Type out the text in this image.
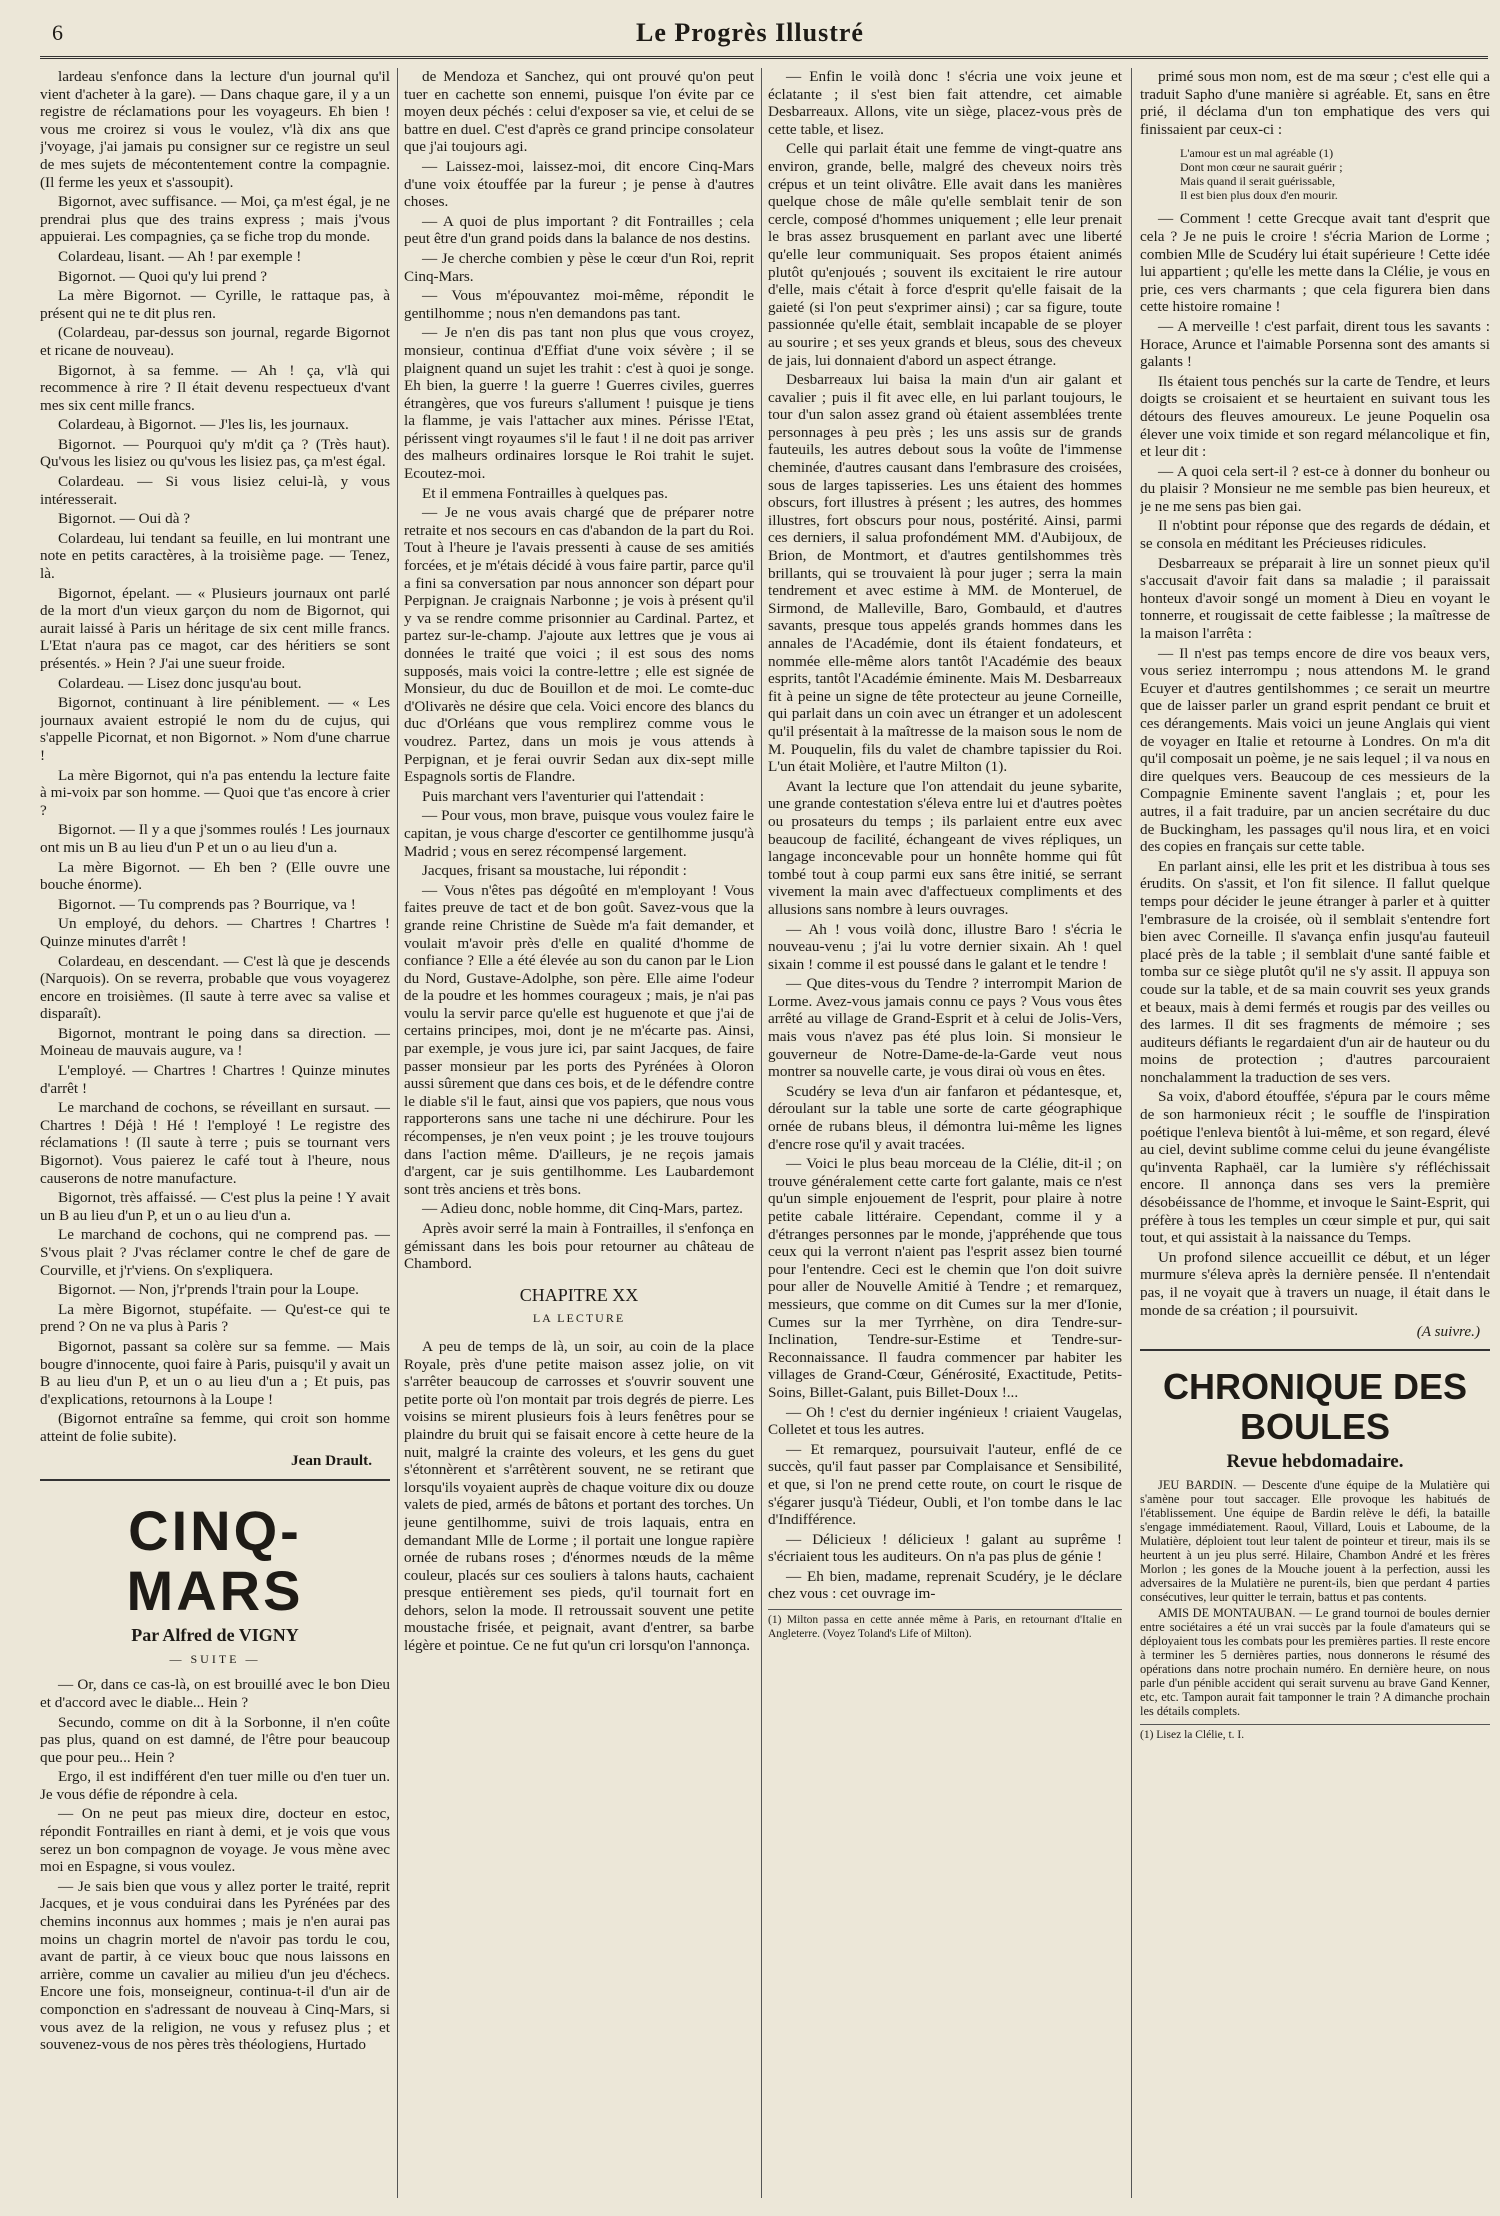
6	Le Progrès Illustré

lardeau s'enfonce dans la lecture d'un journal qu'il vient d'acheter à la gare). — Dans chaque gare, il y a un registre de réclamations pour les voyageurs. Eh bien ! vous me croirez si vous le voulez, v'là dix ans que j'voyage, j'ai jamais pu consigner sur ce registre un seul de mes sujets de mécontentement contre la compagnie. (Il ferme les yeux et s'assoupit).

Bigornot, avec suffisance. — Moi, ça m'est égal, je ne prendrai plus que des trains express ; mais j'vous appuierai. Les compagnies, ça se fiche trop du monde.

Colardeau, lisant. — Ah ! par exemple !

Bigornot. — Quoi qu'y lui prend ?

La mère Bigornot. — Cyrille, le rattaque pas, à présent qui ne te dit plus ren.

(Colardeau, par-dessus son journal, regarde Bigornot et ricane de nouveau).

Bigornot, à sa femme. — Ah ! ça, v'là qui recommence à rire ? Il était devenu respectueux d'vant mes six cent mille francs.

Colardeau, à Bigornot. — J'les lis, les journaux.

Bigornot. — Pourquoi qu'y m'dit ça ? (Très haut). Qu'vous les lisiez ou qu'vous les lisiez pas, ça m'est égal.

Colardeau. — Si vous lisiez celui-là, y vous intéresserait.

Bigornot. — Oui dà ?

Colardeau, lui tendant sa feuille, en lui montrant une note en petits caractères, à la troisième page. — Tenez, là.

Bigornot, épelant. — « Plusieurs journaux ont parlé de la mort d'un vieux garçon du nom de Bigornot, qui aurait laissé à Paris un héritage de six cent mille francs. L'Etat n'aura pas ce magot, car des héritiers se sont présentés. » Hein ? J'ai une sueur froide.

Colardeau. — Lisez donc jusqu'au bout.

Bigornot, continuant à lire péniblement. — « Les journaux avaient estropié le nom du de cujus, qui s'appelle Picornat, et non Bigornot. » Nom d'une charrue !

La mère Bigornot, qui n'a pas entendu la lecture faite à mi-voix par son homme. — Quoi que t'as encore à crier ?

Bigornot. — Il y a que j'sommes roulés ! Les journaux ont mis un B au lieu d'un P et un o au lieu d'un a.

La mère Bigornot. — Eh ben ? (Elle ouvre une bouche énorme).

Bigornot. — Tu comprends pas ? Bourrique, va !

Un employé, du dehors. — Chartres ! Chartres ! Quinze minutes d'arrêt !

Colardeau, en descendant. — C'est là que je descends (Narquois). On se reverra, probable que vous voyagerez encore en troisièmes. (Il saute à terre avec sa valise et disparaît).

Bigornot, montrant le poing dans sa direction. — Moineau de mauvais augure, va !

L'employé. — Chartres ! Chartres ! Quinze minutes d'arrêt !

Le marchand de cochons, se réveillant en sursaut. — Chartres ! Déjà ! Hé ! l'employé ! Le registre des réclamations ! (Il saute à terre ; puis se tournant vers Bigornot). Vous paierez le café tout à l'heure, nous causerons de notre manufacture.

Bigornot, très affaissé. — C'est plus la peine ! Y avait un B au lieu d'un P, et un o au lieu d'un a.

Le marchand de cochons, qui ne comprend pas. — S'vous plait ? J'vas réclamer contre le chef de gare de Courville, et j'r'viens. On s'expliquera.

Bigornot. — Non, j'r'prends l'train pour la Loupe.

La mère Bigornot, stupéfaite. — Qu'est-ce qui te prend ? On ne va plus à Paris ?

Bigornot, passant sa colère sur sa femme. — Mais bougre d'innocente, quoi faire à Paris, puisqu'il y avait un B au lieu d'un P, et un o au lieu d'un a ; Et puis, pas d'explications, retournons à la Loupe !

(Bigornot entraîne sa femme, qui croit son homme atteint de folie subite).

Jean Drault.

CINQ-MARS
Par Alfred de VIGNY
— SUITE —

— Or, dans ce cas-là, on est brouillé avec le bon Dieu et d'accord avec le diable... Hein ?

Secundo, comme on dit à la Sorbonne, il n'en coûte pas plus, quand on est damné, de l'être pour beaucoup que pour peu... Hein ?

Ergo, il est indifférent d'en tuer mille ou d'en tuer un. Je vous défie de répondre à cela.

— On ne peut pas mieux dire, docteur en estoc, répondit Fontrailles en riant à demi, et je vois que vous serez un bon compagnon de voyage. Je vous mène avec moi en Espagne, si vous voulez.

— Je sais bien que vous y allez porter le traité, reprit Jacques, et je vous conduirai dans les Pyrénées par des chemins inconnus aux hommes ; mais je n'en aurai pas moins un chagrin mortel de n'avoir pas tordu le cou, avant de partir, à ce vieux bouc que nous laissons en arrière, comme un cavalier au milieu d'un jeu d'échecs. Encore une fois, monseigneur, continua-t-il d'un air de componction en s'adressant de nouveau à Cinq-Mars, si vous avez de la religion, ne vous y refusez plus ; et souvenez-vous de nos pères très théologiens, Hurtado

de Mendoza et Sanchez, qui ont prouvé qu'on peut tuer en cachette son ennemi, puisque l'on évite par ce moyen deux péchés : celui d'exposer sa vie, et celui de se battre en duel. C'est d'après ce grand principe consolateur que j'ai toujours agi.

— Laissez-moi, laissez-moi, dit encore Cinq-Mars d'une voix étouffée par la fureur ; je pense à d'autres choses.

— A quoi de plus important ? dit Fontrailles ; cela peut être d'un grand poids dans la balance de nos destins.

— Je cherche combien y pèse le cœur d'un Roi, reprit Cinq-Mars.

— Vous m'épouvantez moi-même, répondit le gentilhomme ; nous n'en demandons pas tant.

— Je n'en dis pas tant non plus que vous croyez, monsieur, continua d'Effiat d'une voix sévère ; il se plaignent quand un sujet les trahit : c'est à quoi je songe. Eh bien, la guerre ! la guerre ! Guerres civiles, guerres étrangères, que vos fureurs s'allument ! puisque je tiens la flamme, je vais l'attacher aux mines. Périsse l'Etat, périssent vingt royaumes s'il le faut ! il ne doit pas arriver des malheurs ordinaires lorsque le Roi trahit le sujet. Ecoutez-moi.

Et il emmena Fontrailles à quelques pas.

— Je ne vous avais chargé que de préparer notre retraite et nos secours en cas d'abandon de la part du Roi. Tout à l'heure je l'avais pressenti à cause de ses amitiés forcées, et je m'étais décidé à vous faire partir, parce qu'il a fini sa conversation par nous annoncer son départ pour Perpignan. Je craignais Narbonne ; je vois à présent qu'il y va se rendre comme prisonnier au Cardinal. Partez, et partez sur-le-champ. J'ajoute aux lettres que je vous ai données le traité que voici ; il est sous des noms supposés, mais voici la contre-lettre ; elle est signée de Monsieur, du duc de Bouillon et de moi. Le comte-duc d'Olivarès ne désire que cela. Voici encore des blancs du duc d'Orléans que vous remplirez comme vous le voudrez. Partez, dans un mois je vous attends à Perpignan, et je ferai ouvrir Sedan aux dix-sept mille Espagnols sortis de Flandre.

Puis marchant vers l'aventurier qui l'attendait :

— Pour vous, mon brave, puisque vous voulez faire le capitan, je vous charge d'escorter ce gentilhomme jusqu'à Madrid ; vous en serez récompensé largement.

Jacques, frisant sa moustache, lui répondit :

— Vous n'êtes pas dégoûté en m'employant ! Vous faites preuve de tact et de bon goût. Savez-vous que la grande reine Christine de Suède m'a fait demander, et voulait m'avoir près d'elle en qualité d'homme de confiance ? Elle a été élevée au son du canon par le Lion du Nord, Gustave-Adolphe, son père. Elle aime l'odeur de la poudre et les hommes courageux ; mais, je n'ai pas voulu la servir parce qu'elle est huguenote et que j'ai de certains principes, moi, dont je ne m'écarte pas. Ainsi, par exemple, je vous jure ici, par saint Jacques, de faire passer monsieur par les ports des Pyrénées à Oloron aussi sûrement que dans ces bois, et de le défendre contre le diable s'il le faut, ainsi que vos papiers, que nous vous rapporterons sans une tache ni une déchirure. Pour les récompenses, je n'en veux point ; je les trouve toujours dans l'action même. D'ailleurs, je ne reçois jamais d'argent, car je suis gentilhomme. Les Laubardemont sont très anciens et très bons.

— Adieu donc, noble homme, dit Cinq-Mars, partez.

Après avoir serré la main à Fontrailles, il s'enfonça en gémissant dans les bois pour retourner au château de Chambord.

CHAPITRE XX
LA LECTURE

A peu de temps de là, un soir, au coin de la place Royale, près d'une petite maison assez jolie, on vit s'arrêter beaucoup de carrosses et s'ouvrir souvent une petite porte où l'on montait par trois degrés de pierre. Les voisins se mirent plusieurs fois à leurs fenêtres pour se plaindre du bruit qui se faisait encore à cette heure de la nuit, malgré la crainte des voleurs, et les gens du guet s'étonnèrent et s'arrêtèrent souvent, ne se retirant que lorsqu'ils voyaient auprès de chaque voiture dix ou douze valets de pied, armés de bâtons et portant des torches. Un jeune gentilhomme, suivi de trois laquais, entra en demandant Mlle de Lorme ; il portait une longue rapière ornée de rubans roses ; d'énormes nœuds de la même couleur, placés sur ces souliers à talons hauts, cachaient presque entièrement ses pieds, qu'il tournait fort en dehors, selon la mode. Il retroussait souvent une petite moustache frisée, et peignait, avant d'entrer, sa barbe légère et pointue. Ce ne fut qu'un cri lorsqu'on l'annonça.

— Enfin le voilà donc ! s'écria une voix jeune et éclatante ; il s'est bien fait attendre, cet aimable Desbarreaux. Allons, vite un siège, placez-vous près de cette table, et lisez.

Celle qui parlait était une femme de vingt-quatre ans environ, grande, belle, malgré des cheveux noirs très crépus et un teint olivâtre. Elle avait dans les manières quelque chose de mâle qu'elle semblait tenir de son cercle, composé d'hommes uniquement ; elle leur prenait le bras assez brusquement en parlant avec une liberté qu'elle leur communiquait. Ses propos étaient animés plutôt qu'enjoués ; souvent ils excitaient le rire autour d'elle, mais c'était à force d'esprit qu'elle faisait de la gaieté (si l'on peut s'exprimer ainsi) ; car sa figure, toute passionnée qu'elle était, semblait incapable de se ployer au sourire ; et ses yeux grands et bleus, sous des cheveux de jais, lui donnaient d'abord un aspect étrange.

Desbarreaux lui baisa la main d'un air galant et cavalier ; puis il fit avec elle, en lui parlant toujours, le tour d'un salon assez grand où étaient assemblées trente personnages à peu près ; les uns assis sur de grands fauteuils, les autres debout sous la voûte de l'immense cheminée, d'autres causant dans l'embrasure des croisées, sous de larges tapisseries. Les uns étaient des hommes obscurs, fort illustres à présent ; les autres, des hommes illustres, fort obscurs pour nous, postérité. Ainsi, parmi ces derniers, il salua profondément MM. d'Aubijoux, de Brion, de Montmort, et d'autres gentilshommes très brillants, qui se trouvaient là pour juger ; serra la main tendrement et avec estime à MM. de Monteruel, de Sirmond, de Malleville, Baro, Gombauld, et d'autres savants, presque tous appelés grands hommes dans les annales de l'Académie, dont ils étaient fondateurs, et nommée elle-même alors tantôt l'Académie des beaux esprits, tantôt l'Académie éminente. Mais M. Desbarreaux fit à peine un signe de tête protecteur au jeune Corneille, qui parlait dans un coin avec un étranger et un adolescent qu'il présentait à la maîtresse de la maison sous le nom de M. Pouquelin, fils du valet de chambre tapissier du Roi. L'un était Molière, et l'autre Milton (1).

Avant la lecture que l'on attendait du jeune sybarite, une grande contestation s'éleva entre lui et d'autres poètes ou prosateurs du temps ; ils parlaient entre eux avec beaucoup de facilité, échangeant de vives répliques, un langage inconcevable pour un honnête homme qui fût tombé tout à coup parmi eux sans être initié, se serrant vivement la main avec d'affectueux compliments et des allusions sans nombre à leurs ouvrages.

— Ah ! vous voilà donc, illustre Baro ! s'écria le nouveau-venu ; j'ai lu votre dernier sixain. Ah ! quel sixain ! comme il est poussé dans le galant et le tendre !

— Que dites-vous du Tendre ? interrompit Marion de Lorme. Avez-vous jamais connu ce pays ? Vous vous êtes arrêté au village de Grand-Esprit et à celui de Jolis-Vers, mais vous n'avez pas été plus loin. Si monsieur le gouverneur de Notre-Dame-de-la-Garde veut nous montrer sa nouvelle carte, je vous dirai où vous en êtes.

Scudéry se leva d'un air fanfaron et pédantesque, et, déroulant sur la table une sorte de carte géographique ornée de rubans bleus, il démontra lui-même les lignes d'encre rose qu'il y avait tracées.

— Voici le plus beau morceau de la Clélie, dit-il ; on trouve généralement cette carte fort galante, mais ce n'est qu'un simple enjouement de l'esprit, pour plaire à notre petite cabale littéraire. Cependant, comme il y a d'étranges personnes par le monde, j'appréhende que tous ceux qui la verront n'aient pas l'esprit assez bien tourné pour l'entendre. Ceci est le chemin que l'on doit suivre pour aller de Nouvelle Amitié à Tendre ; et remarquez, messieurs, que comme on dit Cumes sur la mer d'Ionie, Cumes sur la mer Tyrrhène, on dira Tendre-sur-Inclination, Tendre-sur-Estime et Tendre-sur-Reconnaissance. Il faudra commencer par habiter les villages de Grand-Cœur, Générosité, Exactitude, Petits-Soins, Billet-Galant, puis Billet-Doux !...

— Oh ! c'est du dernier ingénieux ! criaient Vaugelas, Colletet et tous les autres.

— Et remarquez, poursuivait l'auteur, enflé de ce succès, qu'il faut passer par Complaisance et Sensibilité, et que, si l'on ne prend cette route, on court le risque de s'égarer jusqu'à Tiédeur, Oubli, et l'on tombe dans le lac d'Indifférence.

— Délicieux ! délicieux ! galant au suprême ! s'écriaient tous les auditeurs. On n'a pas plus de génie !

— Eh bien, madame, reprenait Scudéry, je le déclare chez vous : cet ouvrage im-

(1) Milton passa en cette année même à Paris, en retournant d'Italie en Angleterre. (Voyez Toland's Life of Milton).

primé sous mon nom, est de ma sœur ; c'est elle qui a traduit Sapho d'une manière si agréable. Et, sans en être prié, il déclama d'un ton emphatique des vers qui finissaient par ceux-ci :

L'amour est un mal agréable (1)
Dont mon cœur ne saurait guérir ;
Mais quand il serait guérissable,
Il est bien plus doux d'en mourir.

— Comment ! cette Grecque avait tant d'esprit que cela ? Je ne puis le croire ! s'écria Marion de Lorme ; combien Mlle de Scudéry lui était supérieure ! Cette idée lui appartient ; qu'elle les mette dans la Clélie, je vous en prie, ces vers charmants ; que cela figurera bien dans cette histoire romaine !

— A merveille ! c'est parfait, dirent tous les savants : Horace, Arunce et l'aimable Porsenna sont des amants si galants !

Ils étaient tous penchés sur la carte de Tendre, et leurs doigts se croisaient et se heurtaient en suivant tous les détours des fleuves amoureux. Le jeune Poquelin osa élever une voix timide et son regard mélancolique et fin, et leur dit :

— A quoi cela sert-il ? est-ce à donner du bonheur ou du plaisir ? Monsieur ne me semble pas bien heureux, et je ne me sens pas bien gai.

Il n'obtint pour réponse que des regards de dédain, et se consola en méditant les Précieuses ridicules.

Desbarreaux se préparait à lire un sonnet pieux qu'il s'accusait d'avoir fait dans sa maladie ; il paraissait honteux d'avoir songé un moment à Dieu en voyant le tonnerre, et rougissait de cette faiblesse ; la maîtresse de la maison l'arrêta :

— Il n'est pas temps encore de dire vos beaux vers, vous seriez interrompu ; nous attendons M. le grand Ecuyer et d'autres gentilshommes ; ce serait un meurtre que de laisser parler un grand esprit pendant ce bruit et ces dérangements. Mais voici un jeune Anglais qui vient de voyager en Italie et retourne à Londres. On m'a dit qu'il composait un poème, je ne sais lequel ; il va nous en dire quelques vers. Beaucoup de ces messieurs de la Compagnie Eminente savent l'anglais ; et, pour les autres, il a fait traduire, par un ancien secrétaire du duc de Buckingham, les passages qu'il nous lira, et en voici des copies en français sur cette table.

En parlant ainsi, elle les prit et les distribua à tous ses érudits. On s'assit, et l'on fit silence. Il fallut quelque temps pour décider le jeune étranger à parler et à quitter l'embrasure de la croisée, où il semblait s'entendre fort bien avec Corneille. Il s'avança enfin jusqu'au fauteuil placé près de la table ; il semblait d'une santé faible et tomba sur ce siège plutôt qu'il ne s'y assit. Il appuya son coude sur la table, et de sa main couvrit ses yeux grands et beaux, mais à demi fermés et rougis par des veilles ou des larmes. Il dit ses fragments de mémoire ; ses auditeurs défiants le regardaient d'un air de hauteur ou du moins de protection ; d'autres parcouraient nonchalamment la traduction de ses vers.

Sa voix, d'abord étouffée, s'épura par le cours même de son harmonieux récit ; le souffle de l'inspiration poétique l'enleva bientôt à lui-même, et son regard, élevé au ciel, devint sublime comme celui du jeune évangéliste qu'inventa Raphaël, car la lumière s'y réfléchissait encore. Il annonça dans ses vers la première désobéissance de l'homme, et invoque le Saint-Esprit, qui préfère à tous les temples un cœur simple et pur, qui sait tout, et qui assistait à la naissance du Temps.

Un profond silence accueillit ce début, et un léger murmure s'éleva après la dernière pensée. Il n'entendait pas, il ne voyait que à travers un nuage, il était dans le monde de sa création ; il poursuivit.

(A suivre.)

CHRONIQUE DES BOULES
Revue hebdomadaire.

JEU BARDIN. — Descente d'une équipe de la Mulatière qui s'amène pour tout saccager. Elle provoque les habitués de l'établissement. Une équipe de Bardin relève le défi, la bataille s'engage immédiatement. Raoul, Villard, Louis et Laboume, de la Mulatière, déploient tout leur talent de pointeur et tireur, mais ils se heurtent à un jeu plus serré. Hilaire, Chambon André et les frères Morlon ; les gones de la Mouche jouent à la perfection, aussi les adversaires de la Mulatière ne purent-ils, bien que perdant 4 parties consécutives, leur quitter le terrain, battus et pas contents.

AMIS DE MONTAUBAN. — Le grand tournoi de boules dernier entre sociétaires a été un vrai succès par la foule d'amateurs qui se déployaient tous les combats pour les premières parties. Il reste encore à terminer les 5 dernières parties, nous donnerons le résumé des opérations dans notre prochain numéro. En dernière heure, on nous parle d'un pénible accident qui serait survenu au brave Gand Kenner, etc, etc. Tampon aurait fait tamponner le train ? A dimanche prochain les détails complets.

(1) Lisez la Clélie, t. I.
